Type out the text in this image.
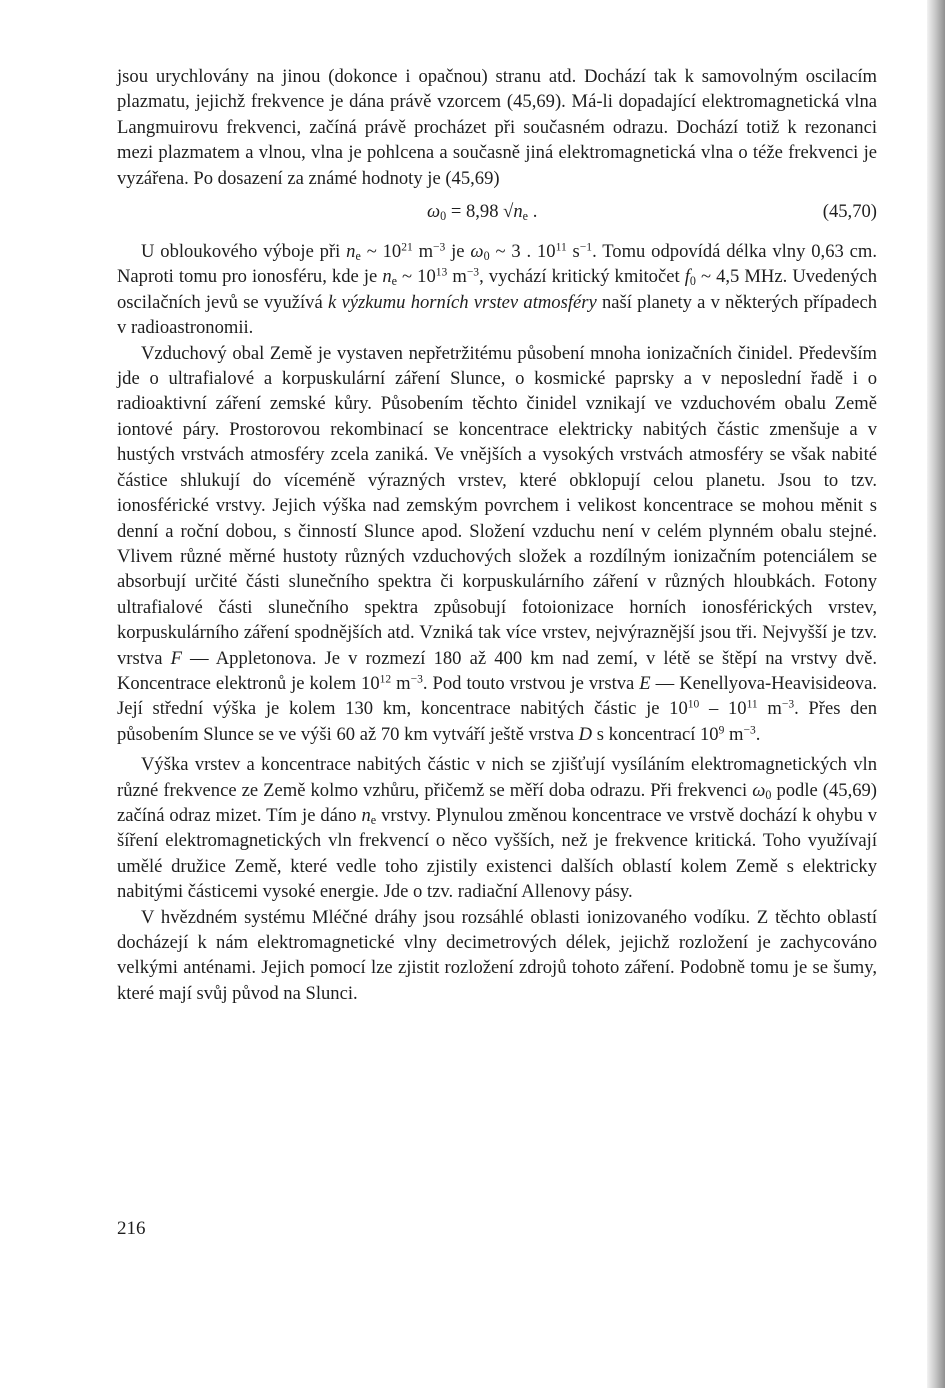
jsou urychlovány na jinou (dokonce i opačnou) stranu atd. Dochází tak k samovolným oscilacím plazmatu, jejichž frekvence je dána právě vzorcem (45,69). Má-li dopadající elektromagnetická vlna Langmuirovu frekvenci, začíná právě procházet při současném odrazu. Dochází totiž k rezonanci mezi plazmatem a vlnou, vlna je pohlcena a současně jiná elektromagnetická vlna o téže frekvenci je vyzářena. Po dosazení za známé hodnoty je (45,69)

$\omega_0 = 8,98$ $√n_e$ .	(45,70)

U obloukového výboje při $n_e$ ~ $10^{21}$ $m^{-3}$ je $\omega_0$ ~ 3 . $10^{11}$ $s^{-1}$. Tomu odpovídá délka vlny 0,63 cm. Naproti tomu pro ionosféru, kde je $n_e$ ~ $10^{13}$ $m^{-3}$, vychází kritický kmitočet $f_0$ ~ 4,5 MHz. Uvedených oscilačních jevů se využívá k výzkumu horních vrstev atmosféry naší planety a v některých případech v radioastronomii.

Vzduchový obal Země je vystaven nepřetržitému působení mnoha ionizačních činidel. Především jde o ultrafialové a korpuskulární záření Slunce, o kosmické paprsky a v neposlední řadě i o radioaktivní záření zemské kůry. Působením těchto činidel vznikají ve vzduchovém obalu Země iontové páry. Prostorovou rekombinací se koncentrace elektricky nabitých částic zmenšuje a v hustých vrstvách atmosféry zcela zaniká. Ve vnějších a vysokých vrstvách atmosféry se však nabité částice shlukují do víceméně výrazných vrstev, které obklopují celou planetu. Jsou to tzv. ionosférické vrstvy. Jejich výška nad zemským povrchem i velikost koncentrace se mohou měnit s denní a roční dobou, s činností Slunce apod. Složení vzduchu není v celém plynném obalu stejné. Vlivem různé měrné hustoty různých vzduchových složek a rozdílným ionizačním potenciálem se absorbují určité části slunečního spektra či korpuskulárního záření v různých hloubkách. Fotony ultrafialové části slunečního spektra způsobují fotoionizace horních ionosférických vrstev, korpuskulárního záření spodnějších atd. Vzniká tak více vrstev, nejvýraznější jsou tři. Nejvyšší je tzv. vrstva F — Appletonova. Je v rozmezí 180 až 400 km nad zemí, v létě se štěpí na vrstvy dvě. Koncentrace elektronů je kolem $10^{12}$ $m^{-3}$. Pod touto vrstvou je vrstva E — Kenellyova-Heavisideova. Její střední výška je kolem 130 km, koncentrace nabitých částic je $10^{10} - 10^{11}$ $m^{-3}$. Přes den působením Slunce se ve výši 60 až 70 km vytváří ještě vrstva D s koncentrací $10^9$ $m^{-3}$.

Výška vrstev a koncentrace nabitých částic v nich se zjišťují vysíláním elektromagnetických vln různé frekvence ze Země kolmo vzhůru, přičemž se měří doba odrazu. Při frekvenci $\omega_0$ podle (45,69) začíná odraz mizet. Tím je dáno $n_e$ vrstvy. Plynulou změnou koncentrace ve vrstvě dochází k ohybu v šíření elektromagnetických vln frekvencí o něco vyšších, než je frekvence kritická. Toho využívají umělé družice Země, které vedle toho zjistily existenci dalších oblastí kolem Země s elektricky nabitými částicemi vysoké energie. Jde o tzv. radiační Allenovy pásy.

V hvězdném systému Mléčné dráhy jsou rozsáhlé oblasti ionizovaného vodíku. Z těchto oblastí docházejí k nám elektromagnetické vlny decimetrových délek, jejichž rozložení je zachycováno velkými anténami. Jejich pomocí lze zjistit rozložení zdrojů tohoto záření. Podobně tomu je se šumy, které mají svůj původ na Slunci.

216
